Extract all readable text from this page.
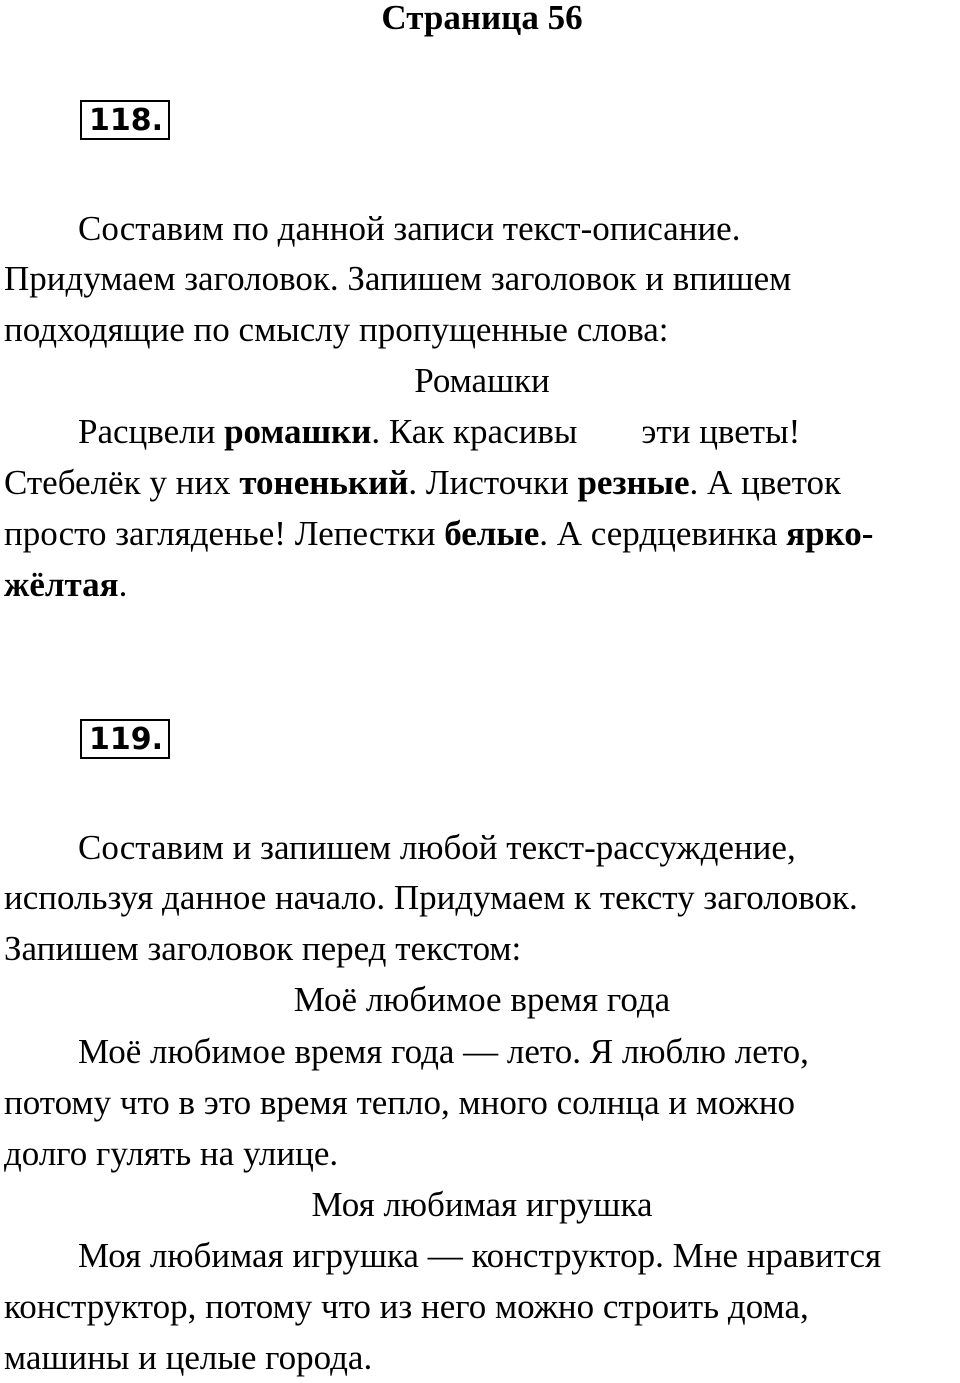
Страница 56
118.
Составим по данной записи текст-описание.
Придумаем заголовок. Запишем заголовок и впишем
подходящие по смыслу пропущенные слова:
Ромашки
Расцвели ромашки. Как красивы эти цветы!
Стебелёк у них тоненький. Листочки резные. А цветок
просто загляденье! Лепестки белые. А сердцевинка ярко-
жёлтая.
119.
Составим и запишем любой текст-рассуждение,
используя данное начало. Придумаем к тексту заголовок.
Запишем заголовок перед текстом:
Моё любимое время года
Моё любимое время года — лето. Я люблю лето,
потому что в это время тепло, много солнца и можно
долго гулять на улице.
Моя любимая игрушка
Моя любимая игрушка — конструктор. Мне нравится
конструктор, потому что из него можно строить дома,
машины и целые города.
